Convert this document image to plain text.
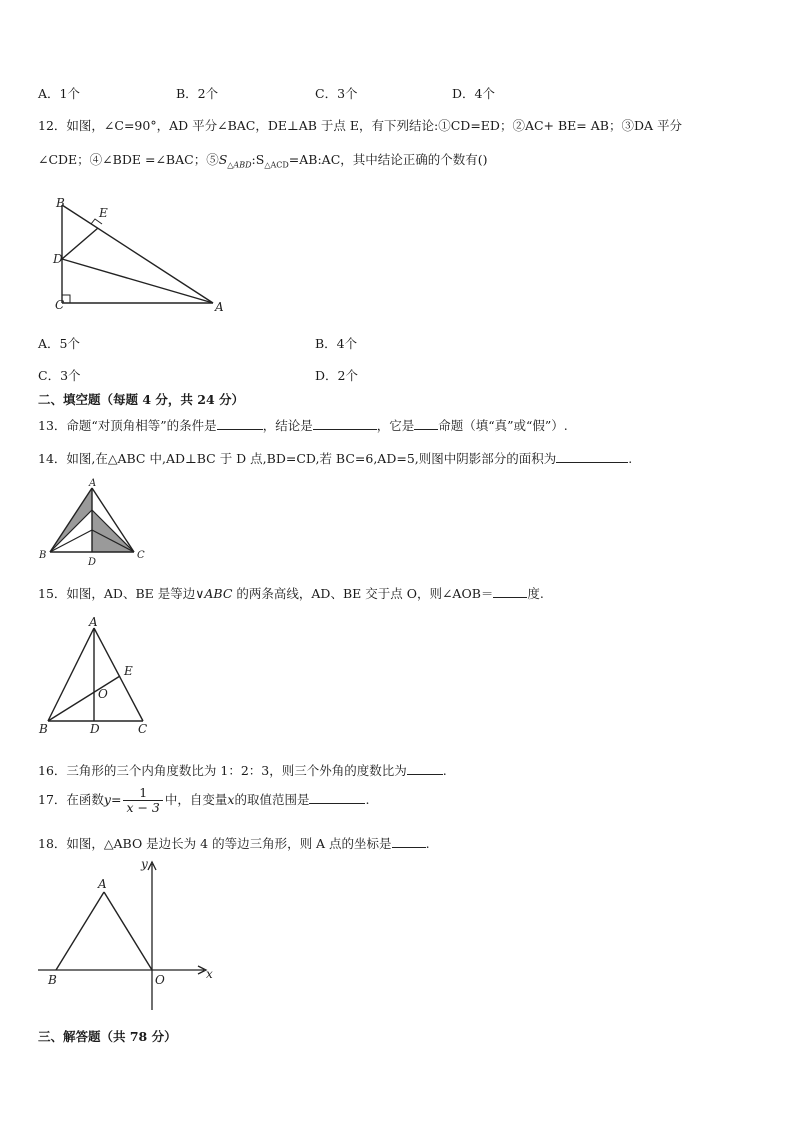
A．1个	B．2个	C．3个	D．4个
12．如图，∠C=90°，AD 平分∠BAC，DE⊥AB 于点 E，有下列结论:①CD=ED；②AC+ BE= AB；③DA 平分
∠CDE；④∠BDE =∠BAC；$⑤S_{\triangle ABD}:S_{\triangle ACD}=AB:AC$，其中结论正确的个数有()
B
E
D
C	A
A．5个	B．4个
C．3个	D．2个
二、填空题（每题 4 分，共 24 分）
13．命题“对顶角相等”的条件是	，结论是	，它是 命题（填“真”或“假”）.
14．如图,在△ABC 中,AD⊥BC 于 D 点,BD=CD,若 BC=6,AD=5,则图中阴影部分的面积为	.
A
B	C
D
15．如图，AD、BE 是等边∨ABC 的两条高线，AD、BE 交于点 O，则∠AOB＝	度.
A
E
O
B	D	C
16．三角形的三个内角度数比为 1：2：3，则三个外角的度数比为	.
17．在函数$y= \frac{1}{x - 3}$ 中，自变量x的取值范围是	.
18．如图，△ABO 是边长为 4 的等边三角形，则 A 点的坐标是	.
A
B	O	x
y
三、解答题（共 78 分）
